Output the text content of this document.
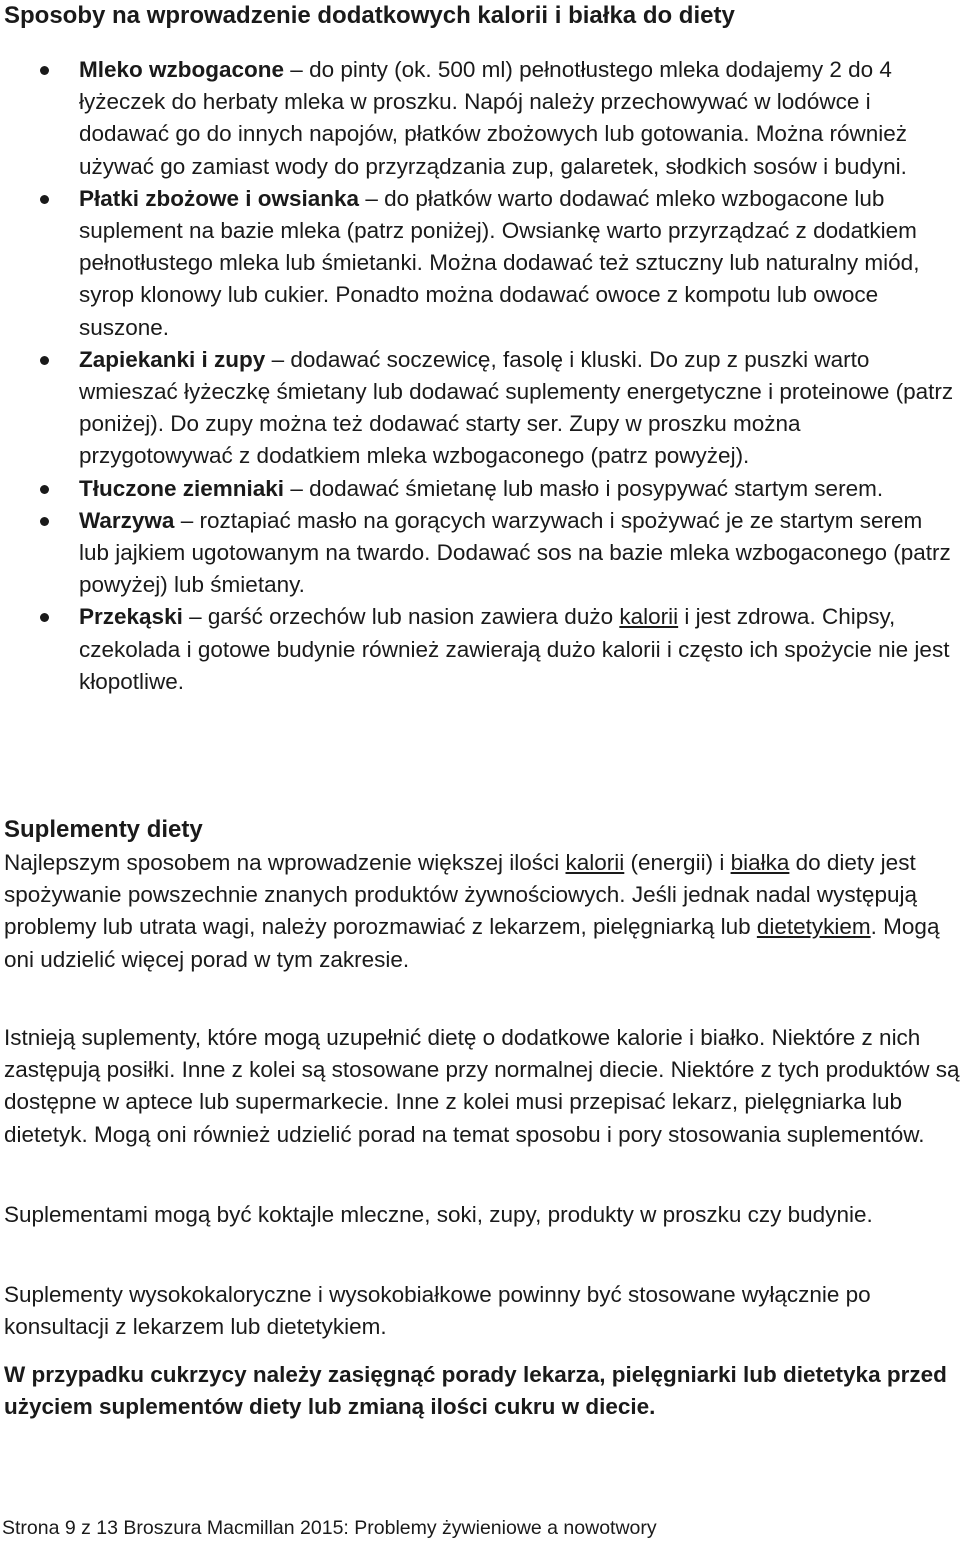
Sposoby na wprowadzenie dodatkowych kalorii i białka do diety
Mleko wzbogacone – do pinty (ok. 500 ml) pełnotłustego mleka dodajemy 2 do 4 łyżeczek do herbaty mleka w proszku. Napój należy przechowywać w lodówce i dodawać go do innych napojów, płatków zbożowych lub gotowania. Można również używać go zamiast wody do przyrządzania zup, galaretek, słodkich sosów i budyni.
Płatki zbożowe i owsianka – do płatków warto dodawać mleko wzbogacone lub suplement na bazie mleka (patrz poniżej). Owsiankę warto przyrządzać z dodatkiem pełnotłustego mleka lub śmietanki. Można dodawać też sztuczny lub naturalny miód, syrop klonowy lub cukier. Ponadto można dodawać owoce z kompotu lub owoce suszone.
Zapiekanki i zupy – dodawać soczewicę, fasolę i kluski. Do zup z puszki warto wmieszać łyżeczkę śmietany lub dodawać suplementy energetyczne i proteinowe (patrz poniżej). Do zupy można też dodawać starty ser. Zupy w proszku można przygotowywać z dodatkiem mleka wzbogaconego (patrz powyżej).
Tłuczone ziemniaki – dodawać śmietanę lub masło i posypywać startym serem.
Warzywa – roztapiać masło na gorących warzywach i spożywać je ze startym serem lub jajkiem ugotowanym na twardo. Dodawać sos na bazie mleka wzbogaconego (patrz powyżej) lub śmietany.
Przekąski – garść orzechów lub nasion zawiera dużo kalorii i jest zdrowa. Chipsy, czekolada i gotowe budynie również zawierają dużo kalorii i często ich spożycie nie jest kłopotliwe.
Suplementy diety

Najlepszym sposobem na wprowadzenie większej ilości kalorii (energii) i białka do diety jest spożywanie powszechnie znanych produktów żywnościowych. Jeśli jednak nadal występują problemy lub utrata wagi, należy porozmawiać z lekarzem, pielęgniarką lub dietetykiem. Mogą oni udzielić więcej porad w tym zakresie.

Istnieją suplementy, które mogą uzupełnić dietę o dodatkowe kalorie i białko. Niektóre z nich zastępują posiłki. Inne z kolei są stosowane przy normalnej diecie. Niektóre z tych produktów są dostępne w aptece lub supermarkecie. Inne z kolei musi przepisać lekarz, pielęgniarka lub dietetyk. Mogą oni również udzielić porad na temat sposobu i pory stosowania suplementów.

Suplementami mogą być koktajle mleczne, soki, zupy, produkty w proszku czy budynie.

Suplementy wysokokaloryczne i wysokobiałkowe powinny być stosowane wyłącznie po konsultacji z lekarzem lub dietetykiem.

W przypadku cukrzycy należy zasięgnąć porady lekarza, pielęgniarki lub dietetyka przed użyciem suplementów diety lub zmianą ilości cukru w diecie.

Strona 9 z 13 Broszura Macmillan 2015: Problemy żywieniowe a nowotwory
